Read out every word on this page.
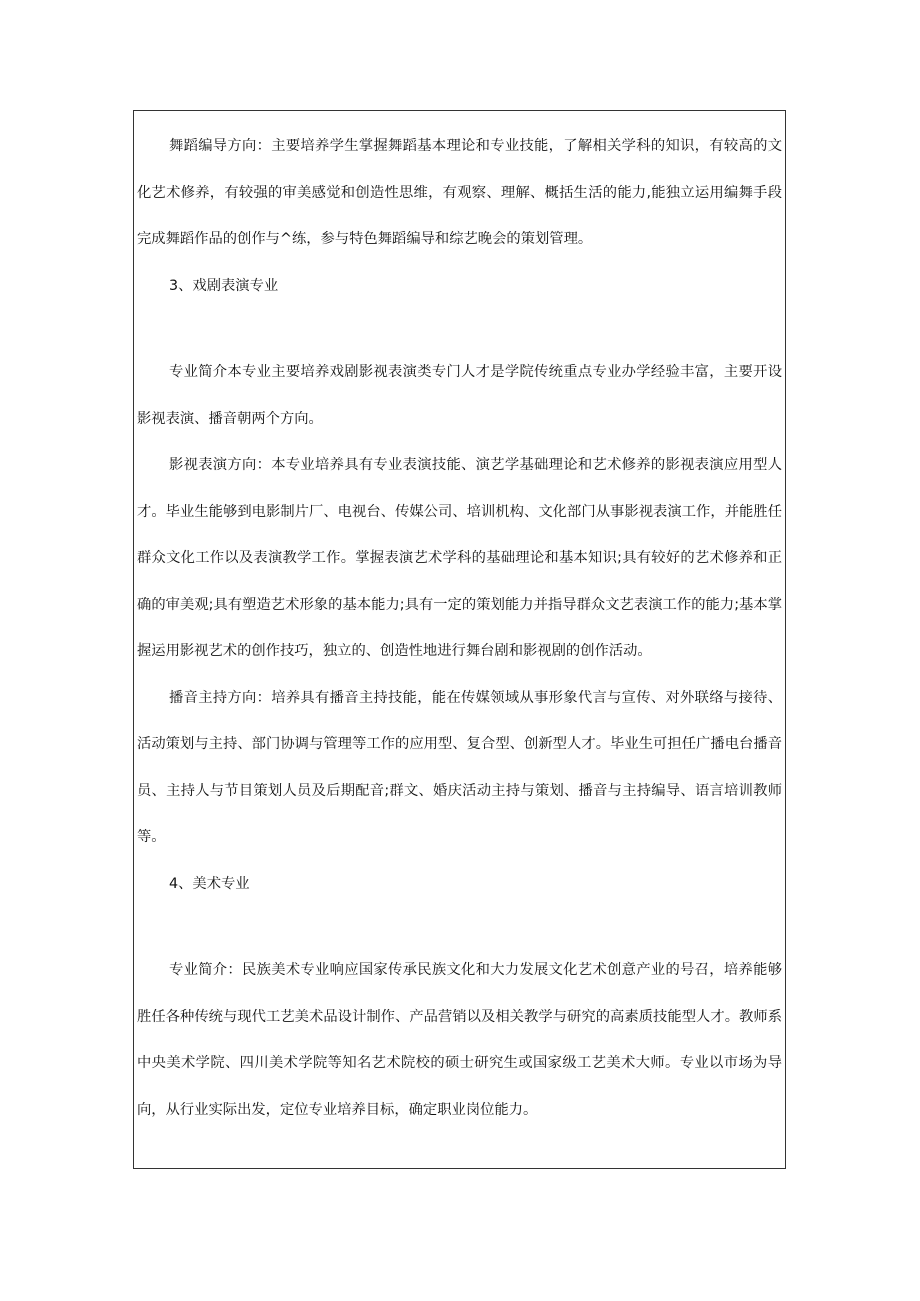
舞蹈编导方向：主要培养学生掌握舞蹈基本理论和专业技能，了解相关学科的知识，有较高的文化艺术修养，有较强的审美感觉和创造性思维，有观察、理解、概括生活的能力,能独立运用编舞手段完成舞蹈作品的创作与^练，参与特色舞蹈编导和综艺晚会的策划管理。

3、戏剧表演专业

专业简介本专业主要培养戏剧影视表演类专门人才是学院传统重点专业办学经验丰富，主要开设影视表演、播音朝两个方向。

影视表演方向：本专业培养具有专业表演技能、演艺学基础理论和艺术修养的影视表演应用型人才。毕业生能够到电影制片厂、电视台、传媒公司、培训机构、文化部门从事影视表演工作，并能胜任群众文化工作以及表演教学工作。掌握表演艺术学科的基础理论和基本知识;具有较好的艺术修养和正确的审美观;具有塑造艺术形象的基本能力;具有一定的策划能力并指导群众文艺表演工作的能力;基本掌握运用影视艺术的创作技巧，独立的、创造性地进行舞台剧和影视剧的创作活动。

播音主持方向：培养具有播音主持技能，能在传媒领域从事形象代言与宣传、对外联络与接待、活动策划与主持、部门协调与管理等工作的应用型、复合型、创新型人才。毕业生可担任广播电台播音员、主持人与节目策划人员及后期配音;群文、婚庆活动主持与策划、播音与主持编导、语言培训教师等。

4、美术专业

专业简介：民族美术专业响应国家传承民族文化和大力发展文化艺术创意产业的号召，培养能够胜任各种传统与现代工艺美术品设计制作、产品营销以及相关教学与研究的高素质技能型人才。教师系中央美术学院、四川美术学院等知名艺术院校的硕士研究生或国家级工艺美术大师。专业以市场为导向，从行业实际出发，定位专业培养目标，确定职业岗位能力。
